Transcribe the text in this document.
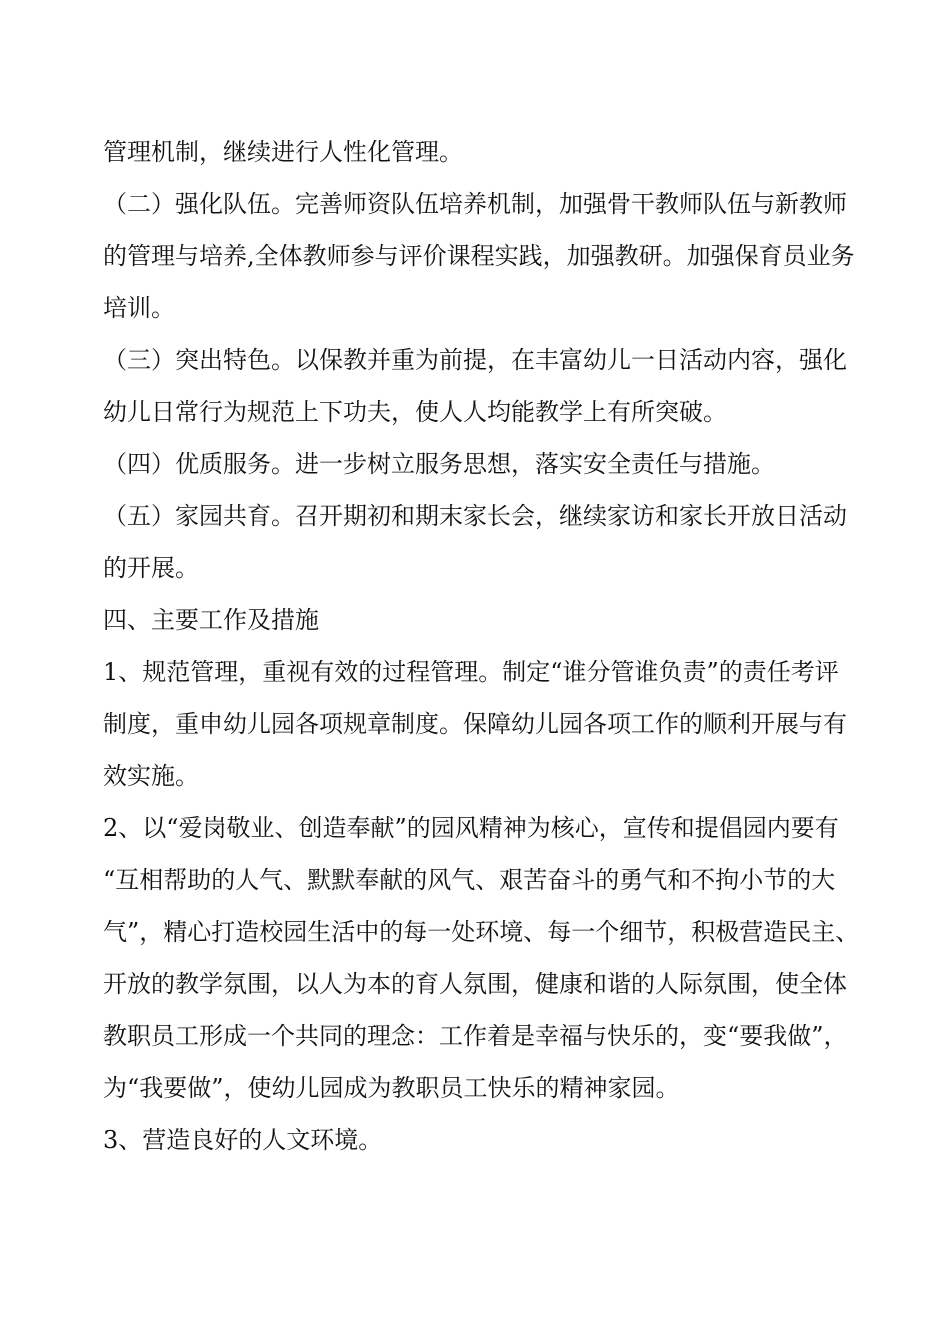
管理机制，继续进行人性化管理。
（二）强化队伍。完善师资队伍培养机制，加强骨干教师队伍与新教师
的管理与培养,全体教师参与评价课程实践，加强教研。加强保育员业务
培训。
（三）突出特色。以保教并重为前提，在丰富幼儿一日活动内容，强化
幼儿日常行为规范上下功夫，使人人均能教学上有所突破。
（四）优质服务。进一步树立服务思想，落实安全责任与措施。
（五）家园共育。召开期初和期末家长会，继续家访和家长开放日活动
的开展。
四、主要工作及措施
1、规范管理，重视有效的过程管理。制定“谁分管谁负责”的责任考评
制度，重申幼儿园各项规章制度。保障幼儿园各项工作的顺利开展与有
效实施。
2、以“爱岗敬业、创造奉献”的园风精神为核心，宣传和提倡园内要有
“互相帮助的人气、默默奉献的风气、艰苦奋斗的勇气和不拘小节的大
气”，精心打造校园生活中的每一处环境、每一个细节，积极营造民主、
开放的教学氛围，以人为本的育人氛围，健康和谐的人际氛围，使全体
教职员工形成一个共同的理念：工作着是幸福与快乐的，变“要我做”，
为“我要做”，使幼儿园成为教职员工快乐的精神家园。
3、营造良好的人文环境。
